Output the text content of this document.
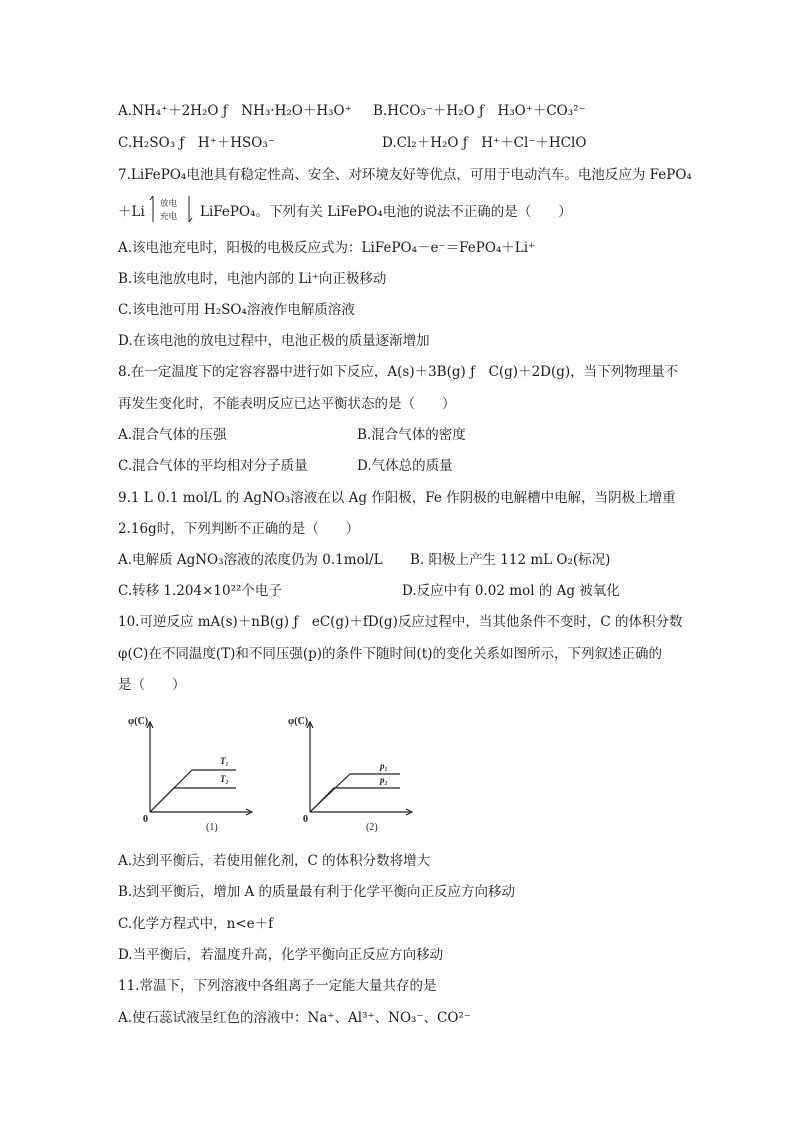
A.NH₄⁺＋2H₂O ƒ　NH₃·H₂O＋H₃O⁺ B.HCO₃⁻＋H₂O ƒ　H₃O⁺＋CO₃²⁻
C.H₂SO₃ ƒ　H⁺＋HSO₃⁻	D.Cl₂＋H₂O ƒ　H⁺＋Cl⁻＋HClO
7.LiFePO₄电池具有稳定性高、安全、对环境友好等优点，可用于电动汽车。电池反应为 FePO₄
＋Li
放电
充电 LiFePO₄。下列有关 LiFePO₄电池的说法不正确的是（　　）
A.该电池充电时，阳极的电极反应式为：LiFePO₄－e⁻＝FePO₄＋Li⁺
B.该电池放电时，电池内部的 Li⁺向正极移动
C.该电池可用 H₂SO₄溶液作电解质溶液
D.在该电池的放电过程中，电池正极的质量逐渐增加
8.在一定温度下的定容容器中进行如下反应，A(s)＋3B(g) ƒ　C(g)＋2D(g)，当下列物理量不
再发生变化时，不能表明反应已达平衡状态的是（　　）
A.混合气体的压强	B.混合气体的密度
C.混合气体的平均相对分子质量	D.气体总的质量
9.1 L 0.1 mol/L 的 AgNO₃溶液在以 Ag 作阳极，Fe 作阴极的电解槽中电解，当阴极上增重
2.16g时，下列判断不正确的是（　　）
A.电解质 AgNO₃溶液的浓度仍为 0.1mol/L B. 阳极上产生 112 mL O₂(标况)
C.转移 1.204×10²²个电子	D.反应中有 0.02 mol 的 Ag 被氧化
10.可逆反应 mA(s)＋nB(g) ƒ　eC(g)＋fD(g)反应过程中，当其他条件不变时，C 的体积分数
φ(C)在不同温度(T)和不同压强(p)的条件下随时间(t)的变化关系如图所示，下列叙述正确的
是（　　）
φ(C)
0
T₁
T₂
(1)
φ(C)
0
p₁
p₂
(2)
A.达到平衡后，若使用催化剂，C 的体积分数将增大
B.达到平衡后，增加 A 的质量最有利于化学平衡向正反应方向移动
C.化学方程式中，n<e＋f
D.当平衡后，若温度升高，化学平衡向正反应方向移动
11.常温下，下列溶液中各组离子一定能大量共存的是
A.使石蕊试液呈红色的溶液中：Na⁺、Al³⁺、NO₃⁻、CO²⁻
